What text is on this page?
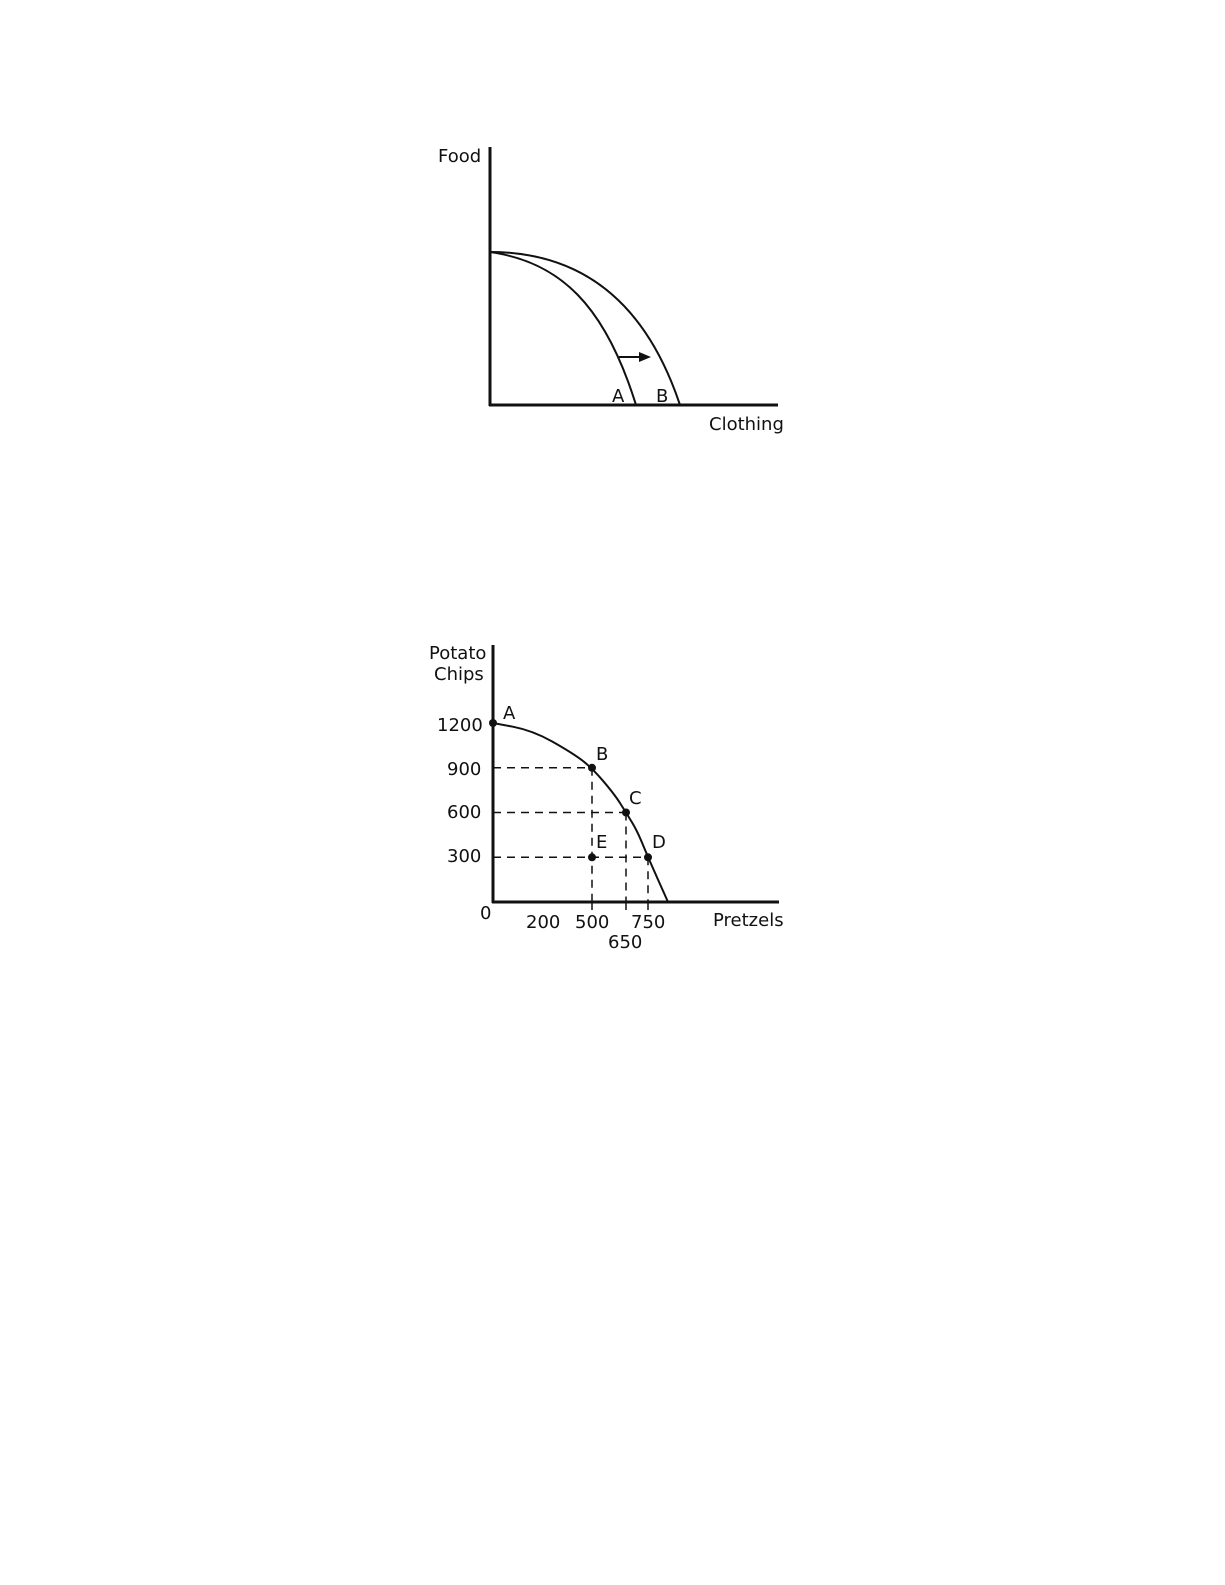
Food
Clothing
A B
Potato
Chips
Pretzels
0
1200
900
600
300
200 500
650
750
A
B
C
D
E
